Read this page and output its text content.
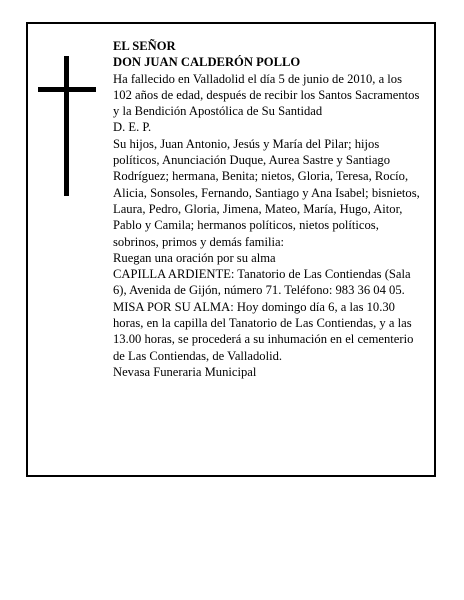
EL SEÑOR

DON JUAN CALDERÓN POLLO

Ha fallecido en Valladolid el día 5 de junio de 2010, a los 102 años de edad, después de recibir los Santos Sacramentos y la Bendición Apostólica de Su Santidad

D. E. P.

Su hijos, Juan Antonio, Jesús y María del Pilar; hijos políticos, Anunciación Duque, Aurea Sastre y Santiago Rodríguez; hermana, Benita; nietos, Gloria, Teresa, Rocío, Alicia, Sonsoles, Fernando, Santiago y Ana Isabel; bisnietos, Laura, Pedro, Gloria, Jimena, Mateo, María, Hugo, Aitor, Pablo y Camila; hermanos políticos, nietos políticos, sobrinos, primos y demás familia:

Ruegan una oración por su alma

CAPILLA ARDIENTE: Tanatorio de Las Contiendas (Sala 6), Avenida de Gijón, número 71. Teléfono: 983 36 04 05.

MISA POR SU ALMA: Hoy domingo día 6, a las 10.30 horas, en la capilla del Tanatorio de Las Contiendas, y a las 13.00 horas, se procederá a su inhumación en el cementerio de Las Contiendas, de Valladolid.

Nevasa Funeraria Municipal
